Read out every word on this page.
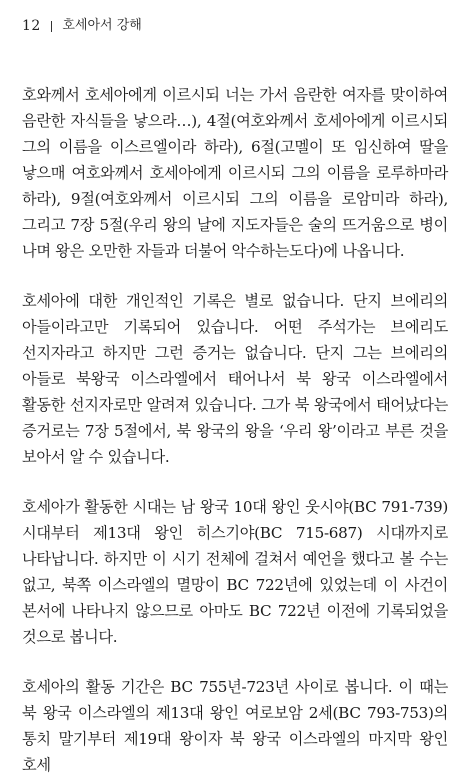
12 호세아서 강해

호와께서 호세아에게 이르시되 너는 가서 음란한 여자를 맞이하여 음란한 자식들을 낳으라…), 4절(여호와께서 호세아에게 이르시되 그의 이름을 이스르엘이라 하라), 6절(고멜이 또 임신하여 딸을 낳으매 여호와께서 호세아에게 이르시되 그의 이름을 로루하마라 하라), 9절(여호와께서 이르시되 그의 이름을 로암미라 하라), 그리고 7장 5절(우리 왕의 날에 지도자들은 술의 뜨거움으로 병이 나며 왕은 오만한 자들과 더불어 악수하는도다)에 나옵니다.

호세아에 대한 개인적인 기록은 별로 없습니다. 단지 브에리의 아들이라고만 기록되어 있습니다. 어떤 주석가는 브에리도 선지자라고 하지만 그런 증거는 없습니다. 단지 그는 브에리의 아들로 북왕국 이스라엘에서 태어나서 북 왕국 이스라엘에서 활동한 선지자로만 알려져 있습니다. 그가 북 왕국에서 태어났다는 증거로는 7장 5절에서, 북 왕국의 왕을 ‘우리 왕’이라고 부른 것을 보아서 알 수 있습니다.

호세아가 활동한 시대는 남 왕국 10대 왕인 웃시야(BC 791-739) 시대부터 제13대 왕인 히스기야(BC 715-687) 시대까지로 나타납니다. 하지만 이 시기 전체에 걸쳐서 예언을 했다고 볼 수는 없고, 북쪽 이스라엘의 멸망이 BC 722년에 있었는데 이 사건이 본서에 나타나지 않으므로 아마도 BC 722년 이전에 기록되었을 것으로 봅니다.

호세아의 활동 기간은 BC 755년-723년 사이로 봅니다. 이 때는 북 왕국 이스라엘의 제13대 왕인 여로보암 2세(BC 793-753)의 통치 말기부터 제19대 왕이자 북 왕국 이스라엘의 마지막 왕인 호세
